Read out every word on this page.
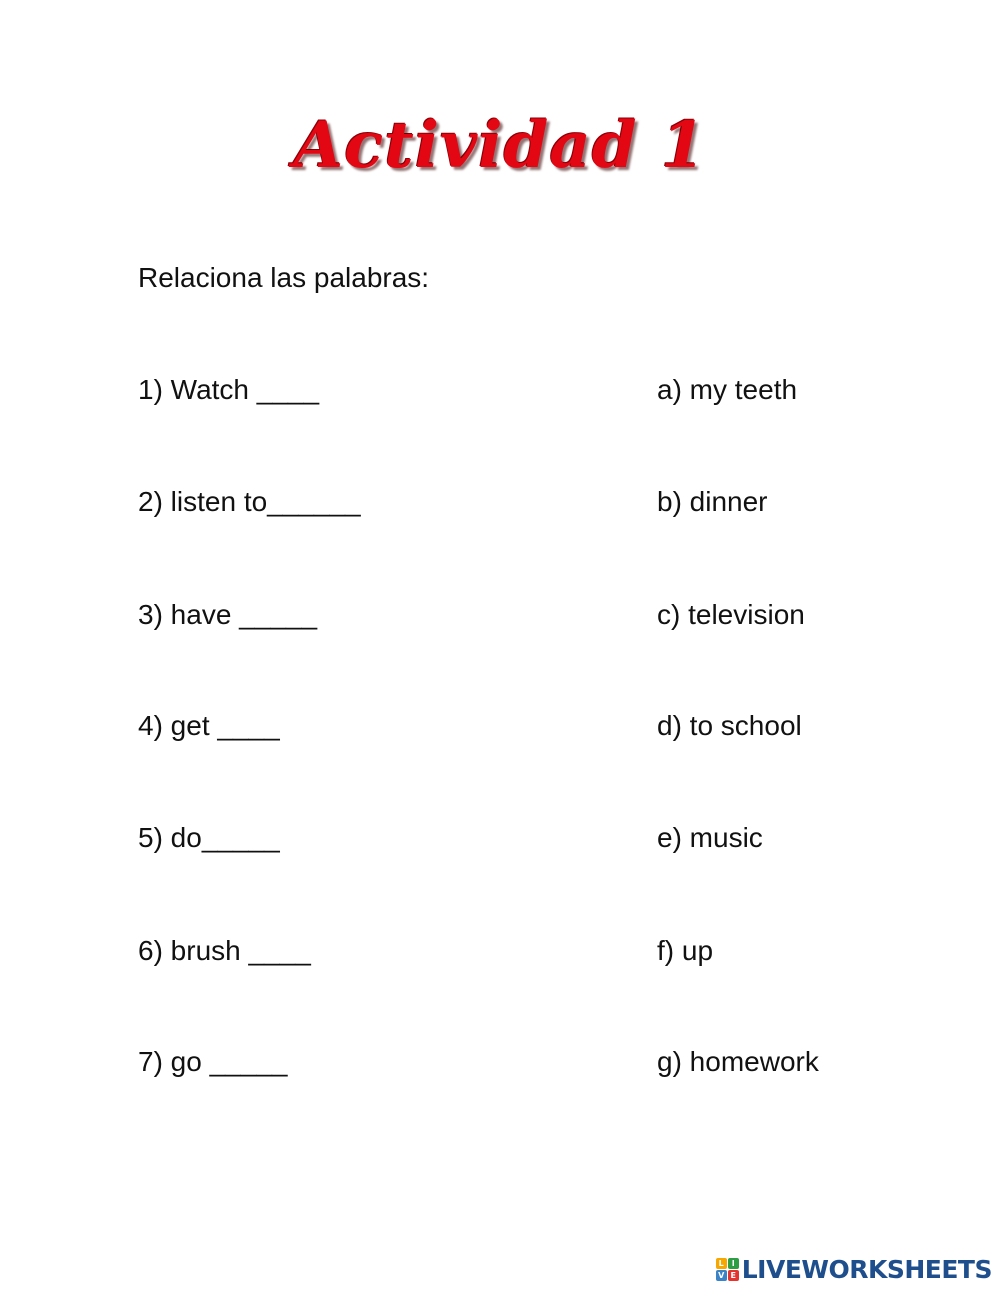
Actividad 1
Relaciona las palabras:
1) Watch ____	a) my teeth
2) listen to______	b) dinner
3) have _____	c) television
4) get ____	d) to school
5) do_____	e) music
6) brush ____	f) up
7) go _____	g) homework
L I
V E LIVEWORKSHEETS
